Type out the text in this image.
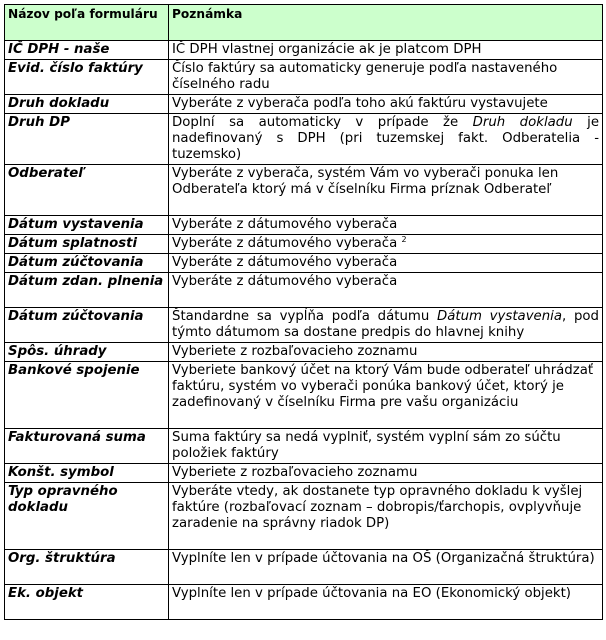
Názov poľa formuláru	Poznámka
IČ DPH - naše	IČ DPH vlastnej organizácie ak je platcom DPH
Evid. číslo faktúry	Číslo faktúry sa automaticky generuje podľa nastaveného číselného radu
Druh dokladu	Vyberáte z vyberača podľa toho akú faktúru vystavujete
Druh DP	Doplní sa automaticky v prípade že Druh dokladu je nadefinovaný s DPH (pri tuzemskej fakt. Odberatelia - tuzemsko)
Odberateľ	Vyberáte z vyberača, systém Vám vo vyberači ponuka len Odberateľa ktorý má v číselníku Firma príznak Odberateľ
Dátum vystavenia	Vyberáte z dátumového vyberača
Dátum splatnosti	Vyberáte z dátumového vyberača $^2$
Dátum zúčtovania	Vyberáte z dátumového vyberača
Dátum zdan. plnenia	Vyberáte z dátumového vyberača
Dátum zúčtovania	Štandardne sa vypĺňa podľa dátumu Dátum vystavenia, pod týmto dátumom sa dostane predpis do hlavnej knihy
Spôs. úhrady	Vyberiete z rozbaľovacieho zoznamu
Bankové spojenie	Vyberiete bankový účet na ktorý Vám bude odberateľ uhrádzať faktúru, systém vo vyberači ponúka bankový účet, ktorý je zadefinovaný v číselníku Firma pre vašu organizáciu
Fakturovaná suma	Suma faktúry sa nedá vyplniť, systém vyplní sám zo súčtu položiek faktúry
Konšt. symbol	Vyberiete z rozbaľovacieho zoznamu
Typ opravného dokladu	Vyberáte vtedy, ak dostanete typ opravného dokladu k vyšlej faktúre (rozbaľovací zoznam – dobropis/ťarchopis, ovplyvňuje zaradenie na správny riadok DP)
Org. štruktúra	Vyplníte len v prípade účtovania na OŠ (Organizačná štruktúra)
Ek. objekt	Vyplníte len v prípade účtovania na EO (Ekonomický objekt)
